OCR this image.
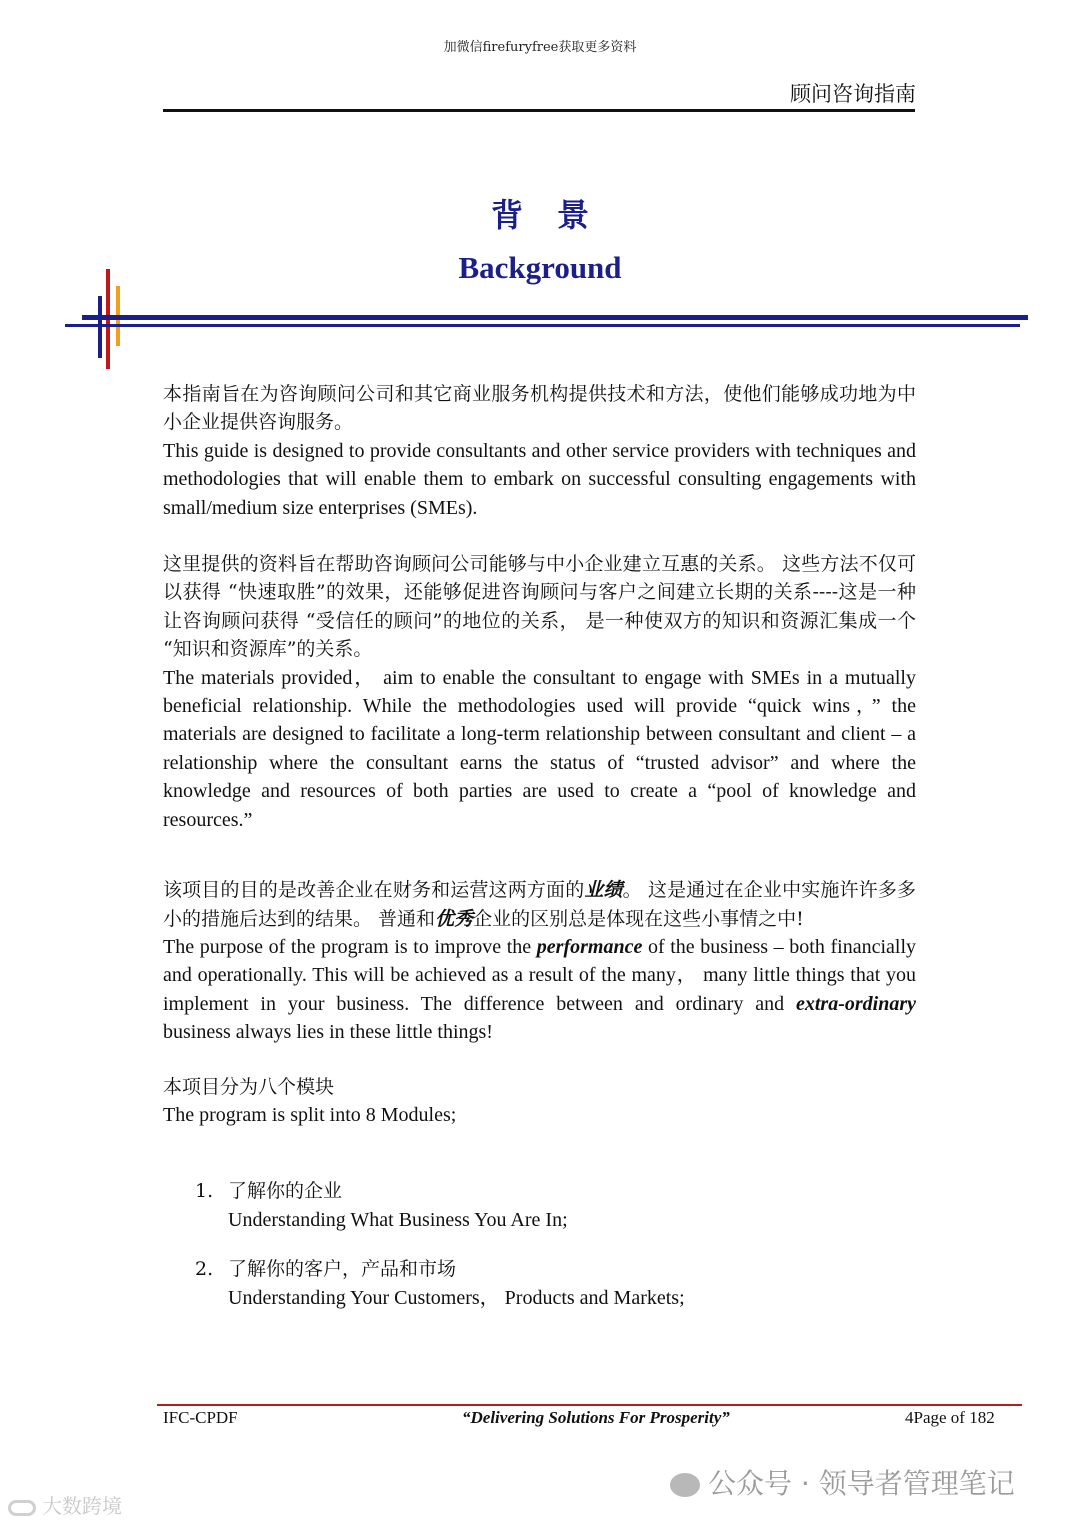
加微信firefuryfree获取更多资料
顾问咨询指南
背景
Background

本指南旨在为咨询顾问公司和其它商业服务机构提供技术和方法，使他们能够成功地为中小企业提供咨询服务。

This guide is designed to provide consultants and other service providers with techniques and methodologies that will enable them to embark on successful consulting engagements with small/medium size enterprises (SMEs).

这里提供的资料旨在帮助咨询顾问公司能够与中小企业建立互惠的关系。 这些方法不仅可以获得 “快速取胜”的效果，还能够促进咨询顾问与客户之间建立长期的关系----这是一种让咨询顾问获得 “受信任的顾问”的地位的关系， 是一种使双方的知识和资源汇集成一个 “知识和资源库”的关系。

The materials provided， aim to enable the consultant to engage with SMEs in a mutually beneficial relationship. While the methodologies used will provide “quick wins，” the materials are designed to facilitate a long-term relationship between consultant and client – a relationship where the consultant earns the status of “trusted advisor” and where the knowledge and resources of both parties are used to create a “pool of knowledge and resources.”

该项目的目的是改善企业在财务和运营这两方面的业绩。 这是通过在企业中实施许许多多小的措施后达到的结果。 普通和优秀企业的区别总是体现在这些小事情之中!

The purpose of the program is to improve the performance of the business – both financially and operationally. This will be achieved as a result of the many， many little things that you implement in your business. The difference between and ordinary and extra-ordinary business always lies in these little things!

本项目分为八个模块

The program is split into 8 Modules;

1. 了解你的企业
Understanding What Business You Are In;
2. 了解你的客户，产品和市场
Understanding Your Customers， Products and Markets;
IFC-CPDF	“Delivering Solutions For Prosperity”	4Page of 182
公众号 · 领导者管理笔记
大数跨境
